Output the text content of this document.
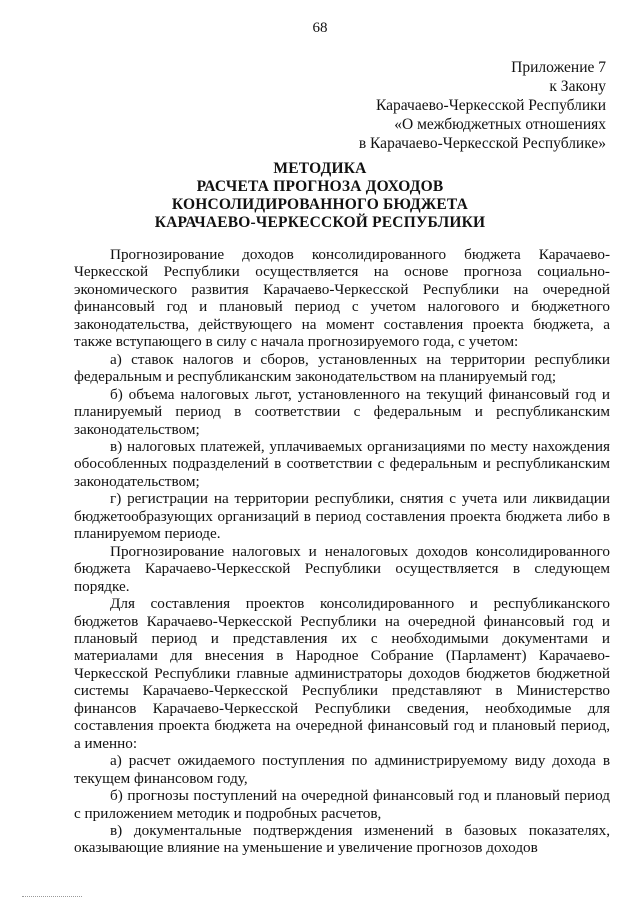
68
Приложение 7
к Закону
Карачаево-Черкесской Республики
«О межбюджетных отношениях
в Карачаево-Черкесской Республике»
МЕТОДИКА
РАСЧЕТА ПРОГНОЗА ДОХОДОВ
КОНСОЛИДИРОВАННОГО БЮДЖЕТА
КАРАЧАЕВО-ЧЕРКЕССКОЙ РЕСПУБЛИКИ

Прогнозирование доходов консолидированного бюджета Карачаево-Черкесской Республики осуществляется на основе прогноза социально-экономического развития Карачаево-Черкесской Республики на очередной финансовый год и плановый период с учетом налогового и бюджетного законодательства, действующего на момент составления проекта бюджета, а также вступающего в силу с начала прогнозируемого года, с учетом:

а) ставок налогов и сборов, установленных на территории республики федеральным и республиканским законодательством на планируемый год;

б) объема налоговых льгот, установленного на текущий финансовый год и планируемый период в соответствии с федеральным и республиканским законодательством;

в) налоговых платежей, уплачиваемых организациями по месту нахождения обособленных подразделений в соответствии с федеральным и республиканским законодательством;

г) регистрации на территории республики, снятия с учета или ликвидации бюджетообразующих организаций в период составления проекта бюджета либо в планируемом периоде.

Прогнозирование налоговых и неналоговых доходов консолидированного бюджета Карачаево-Черкесской Республики осуществляется в следующем порядке.

Для составления проектов консолидированного и республиканского бюджетов Карачаево-Черкесской Республики на очередной финансовый год и плановый период и представления их с необходимыми документами и материалами для внесения в Народное Собрание (Парламент) Карачаево-Черкесской Республики главные администраторы доходов бюджетов бюджетной системы Карачаево-Черкесской Республики представляют в Министерство финансов Карачаево-Черкесской Республики сведения, необходимые для составления проекта бюджета на очередной финансовый год и плановый период, а именно:

а) расчет ожидаемого поступления по администрируемому виду дохода в текущем финансовом году,

б) прогнозы поступлений на очередной финансовый год и плановый период с приложением методик и подробных расчетов,

в) документальные подтверждения изменений в базовых показателях, оказывающие влияние на уменьшение и увеличение прогнозов доходов
